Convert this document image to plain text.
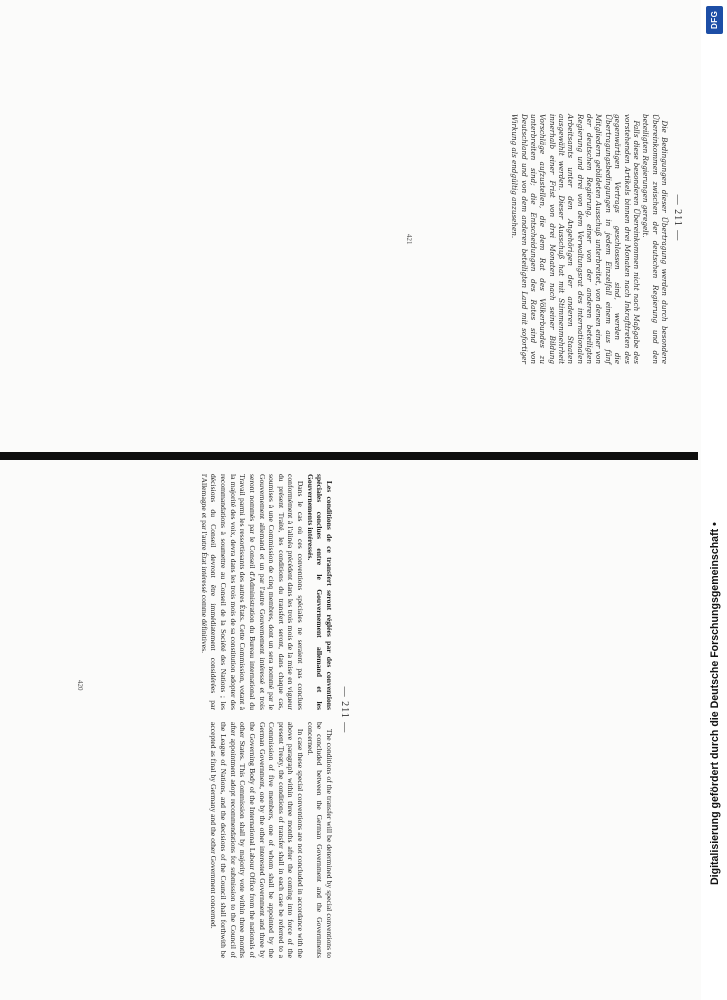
— 211 —

Les conditions de ce transfert seront réglées par des conventions spéciales conclues entre le Gouvernement allemand et les Gouvernements intéressés.

Dans le cas où ces conventions spéciales ne seraient pas conclues conformément à l'alinéa précédent dans les trois mois de la mise en vigueur du présent Traité, les conditions du transfert seront, dans chaque cas, soumises à une Commission de cinq membres, dont un sera nommé par le Gouvernement allemand et un par l'autre Gouvernement intéressé et trois seront nommés par le Conseil d'Administration du Bureau international du Travail parmi les ressortissants des autres États. Cette Commission, votant à la majorité des voix, devra dans les trois mois de sa constitution adopter des recommandations à soumettre au Conseil de la Société des Nations ; les décisions du Conseil devront être immédiatement considérées par l'Allemagne et par l'autre État intéressé comme définitives.

The conditions of the transfer will be determined by special conventions to be concluded between the German Government and the Governments concerned.

In case these special conventions are not concluded in accordance with the above paragraph within three months after the coming into force of the present Treaty, the conditions of transfer shall in each case be referred to a Commission of five members, one of whom shall be appointed by the German Government, one by the other interested Government and three by the Governing Body of the International Labour Office from the nationals of other States. This Commission shall by majority vote within three months after appointment adopt recommendations for submission to the Council of the League of Nations, and the decisions of the Council shall forthwith be accepted as final by Germany and the other Government concerned.

420
— 211 —

Die Bedingungen dieser Übertragung werden durch besondere Übereinkommen zwischen der deutschen Regierung und den beteiligten Regierungen geregelt.

Falls diese besonderen Übereinkommen nicht nach Maßgabe des vorstehenden Artikels binnen drei Monaten nach Inkrafttreten des gegenwärtigen Vertrags geschlossen sind, werden die Übertragungsbedingungen in jedem Einzelfall einem aus fünf Mitgliedern gebildeten Ausschuß unterbreitet, von denen einer von der deutschen Regierung, einer von der anderen beteiligten Regierung und drei von dem Verwaltungsrat des internationalen Arbeitsamts unter den Angehörigen der anderen Staaten ausgewählt werden. Dieser Ausschuß hat mit Stimmenmehrheit innerhalb einer Frist von drei Monaten nach seiner Bildung Vorschläge aufzustellen, die dem Rat des Völkerbundes zu unterbreiten sind; die Entscheidungen des Rates sind von Deutschland und von dem anderen beteiligten Land mit sofortiger Wirkung als endgültig anzusehen.

421
DFG
Digitalisierung gefördert durch die Deutsche Forschungsgemeinschaft •
